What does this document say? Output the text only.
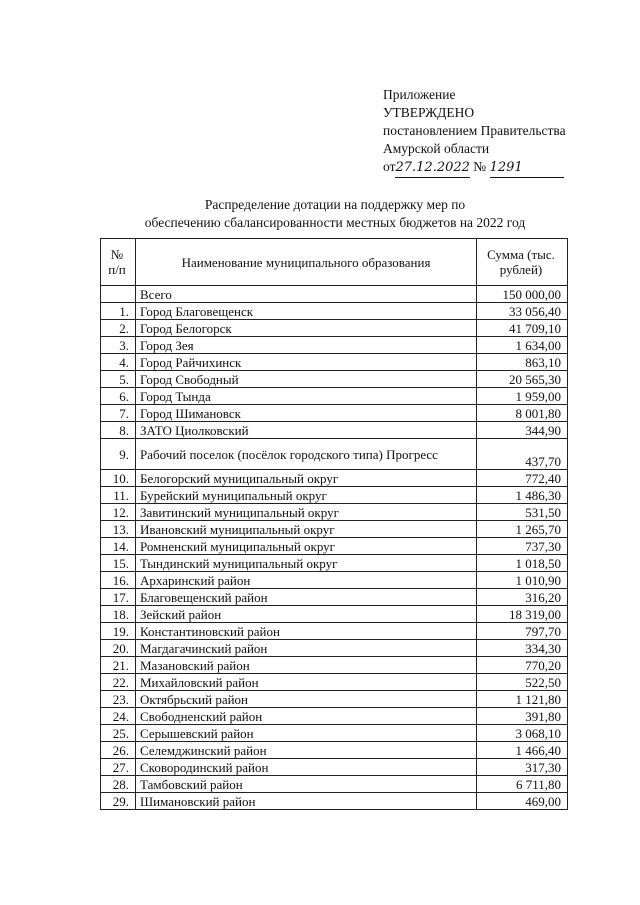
Приложение
УТВЕРЖДЕНО
постановлением Правительства
Амурской области
от27.12.2022 № 1291
Распределение дотации на поддержку мер по
обеспечению сбалансированности местных бюджетов на 2022 год
№ п/п	Наименование муниципального образования	Сумма (тыс. рублей)
	Всего	150 000,00
1.	Город Благовещенск	33 056,40
2.	Город Белогорск	41 709,10
3.	Город Зея	1 634,00
4.	Город Райчихинск	863,10
5.	Город Свободный	20 565,30
6.	Город Тында	1 959,00
7.	Город Шимановск	8 001,80
8.	ЗАТО Циолковский	344,90
9.	Рабочий поселок (посёлок городского типа) Прогресс	437,70
10.	Белогорский муниципальный округ	772,40
11.	Бурейский муниципальный округ	1 486,30
12.	Завитинский муниципальный округ	531,50
13.	Ивановский муниципальный округ	1 265,70
14.	Ромненский муниципальный округ	737,30
15.	Тындинский муниципальный округ	1 018,50
16.	Архаринский район	1 010,90
17.	Благовещенский район	316,20
18.	Зейский район	18 319,00
19.	Константиновский район	797,70
20.	Магдагачинский район	334,30
21.	Мазановский район	770,20
22.	Михайловский район	522,50
23.	Октябрьский район	1 121,80
24.	Свободненский район	391,80
25.	Серышевский район	3 068,10
26.	Селемджинский район	1 466,40
27.	Сковородинский район	317,30
28.	Тамбовский район	6 711,80
29.	Шимановский район	469,00
